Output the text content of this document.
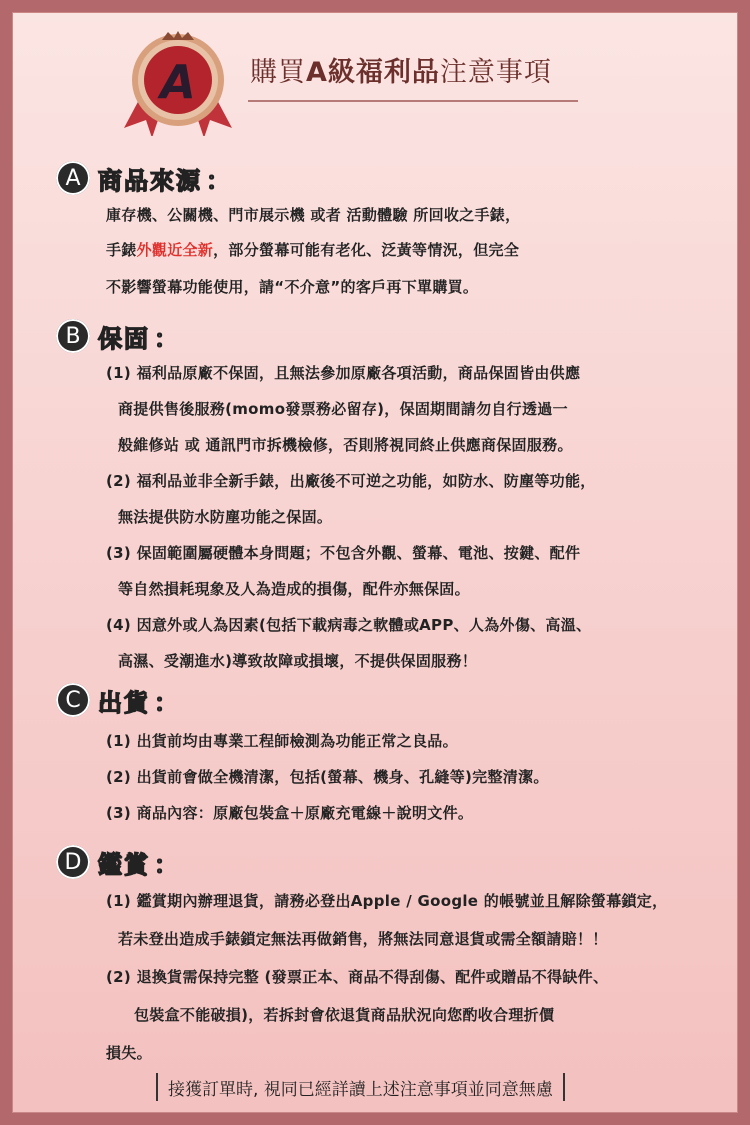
A 購買A級福利品注意事項
A 商品來源 ：
庫存機、公關機、門市展示機 或者 活動體驗 所回收之手錶，
手錶外觀近全新，部分螢幕可能有老化、泛黃等情況，但完全
不影響螢幕功能使用，請“不介意”的客戶再下單購買。
B 保固 ：
(1) 福利品原廠不保固，且無法參加原廠各項活動，商品保固皆由供應
商提供售後服務(momo發票務必留存)，保固期間請勿自行透過一
般維修站 或 通訊門市拆機檢修，否則將視同終止供應商保固服務。
(2) 福利品並非全新手錶，出廠後不可逆之功能，如防水、防塵等功能，
無法提供防水防塵功能之保固。
(3) 保固範圍屬硬體本身問題；不包含外觀、螢幕、電池、按鍵、配件
等自然損耗現象及人為造成的損傷，配件亦無保固。
(4) 因意外或人為因素(包括下載病毒之軟體或APP、人為外傷、高溫、
高濕、受潮進水)導致故障或損壞，不提供保固服務！
C 出貨 ：
(1) 出貨前均由專業工程師檢測為功能正常之良品。
(2) 出貨前會做全機清潔，包括(螢幕、機身、孔縫等)完整清潔。
(3) 商品內容：原廠包裝盒＋原廠充電線＋說明文件。
D 鑑賞 ：
(1) 鑑賞期內辦理退貨，請務必登出Apple / Google 的帳號並且解除螢幕鎖定，
若未登出造成手錶鎖定無法再做銷售，將無法同意退貨或需全額請賠！！
(2) 退換貨需保持完整 (發票正本、商品不得刮傷、配件或贈品不得缺件、
包裝盒不能破損)，若拆封會依退貨商品狀況向您酌收合理折價
損失。
接獲訂單時, 視同已經詳讀上述注意事項並同意無慮
